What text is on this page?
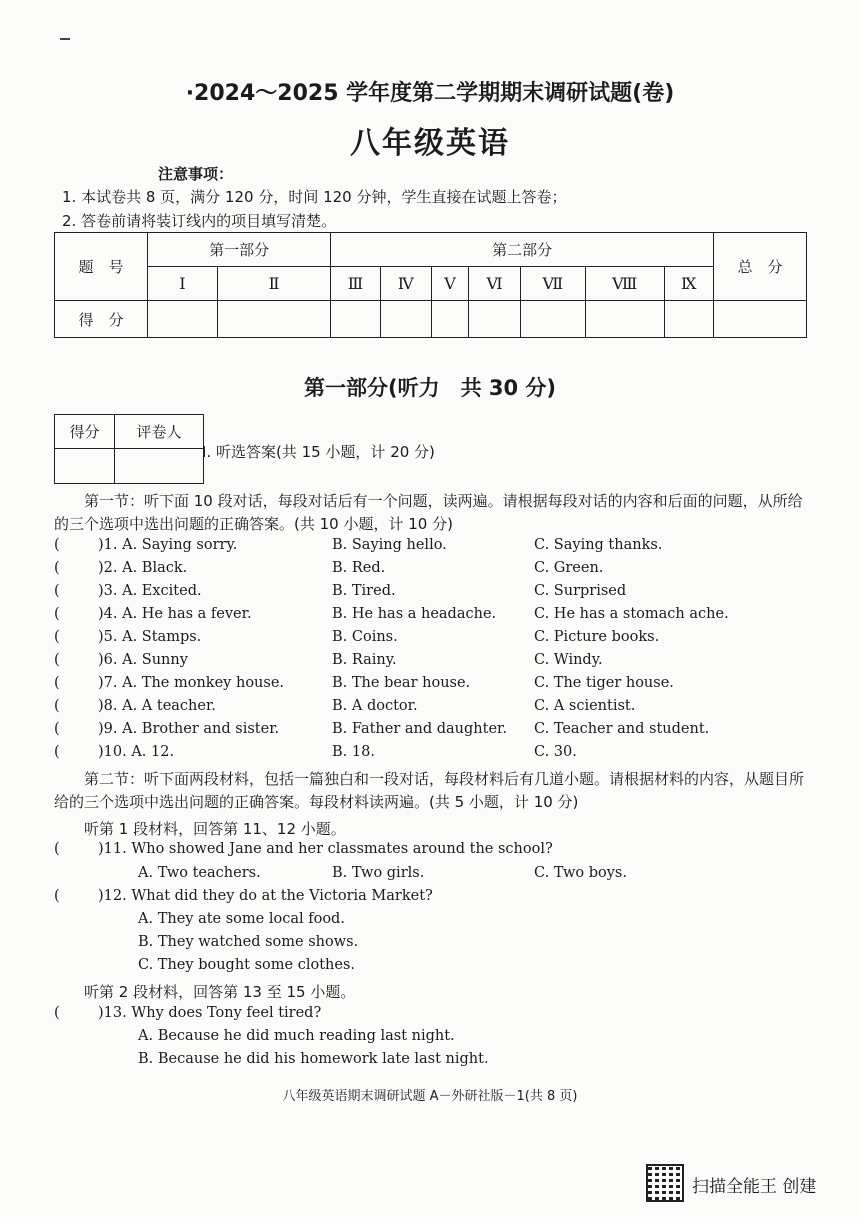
·2024～2025 学年度第二学期期末调研试题(卷)
八年级英语
注意事项：
1. 本试卷共 8 页，满分 120 分，时间 120 分钟，学生直接在试题上答卷；
2. 答卷前请将装订线内的项目填写清楚。
题　号	第一部分		第二部分							总　分
	Ⅰ	Ⅱ	Ⅲ	Ⅳ	Ⅴ	Ⅵ	Ⅶ	Ⅷ	Ⅸ	
得　分										
第一部分(听力　共 30 分)
得分	评卷人

Ⅰ. 听选答案(共 15 小题，计 20 分)
第一节：听下面 10 段对话，每段对话后有一个问题，读两遍。请根据每段对话的内容和后面的问题，从所给的三个选项中选出问题的正确答案。(共 10 小题，计 10 分)
(	)1. A. Saying sorry.	B. Saying hello.	C. Saying thanks.
(	)2. A. Black.	B. Red.	C. Green.
(	)3. A. Excited.	B. Tired.	C. Surprised
(	)4. A. He has a fever.	B. He has a headache.	C. He has a stomach ache.
(	)5. A. Stamps.	B. Coins.	C. Picture books.
(	)6. A. Sunny	B. Rainy.	C. Windy.
(	)7. A. The monkey house.	B. The bear house.	C. The tiger house.
(	)8. A. A teacher.	B. A doctor.	C. A scientist.
(	)9. A. Brother and sister.	B. Father and daughter. C. Teacher and student.
(	)10. A. 12.	B. 18.	C. 30.
第二节：听下面两段材料，包括一篇独白和一段对话，每段材料后有几道小题。请根据材料的内容，从题目所给的三个选项中选出问题的正确答案。每段材料读两遍。(共 5 小题，计 10 分)
听第 1 段材料，回答第 11、12 小题。
(	)11. Who showed Jane and her classmates around the school?
A. Two teachers.	B. Two girls.	C. Two boys.
(	)12. What did they do at the Victoria Market?
A. They ate some local food.
B. They watched some shows.
C. They bought some clothes.
听第 2 段材料，回答第 13 至 15 小题。
(	)13. Why does Tony feel tired?
A. Because he did much reading last night.
B. Because he did his homework late last night.
八年级英语期末调研试题 A－外研社版－1(共 8 页)
扫描全能王 创建
